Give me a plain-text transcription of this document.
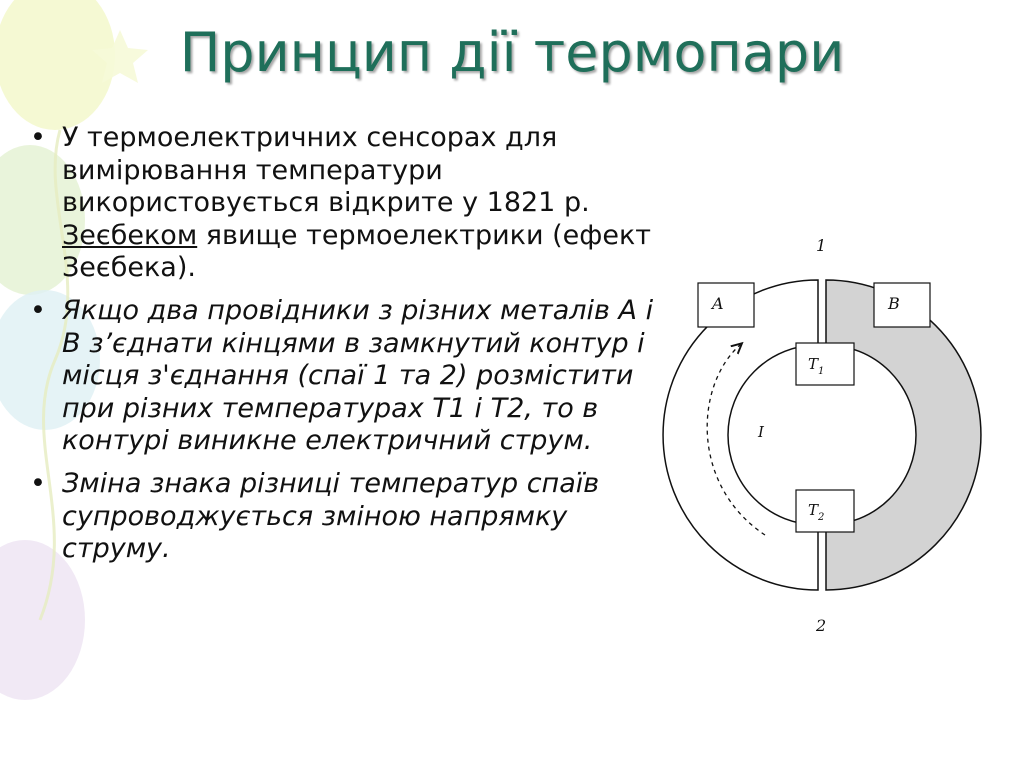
Принцип дії термопари
• У термоелектричних сенсорах для вимірювання температури використовується відкрите у 1821 р. Зеєбеком явище термоелектрики (ефект Зеєбека).
• Якщо два провідники з різних металів А і В з’єднати кінцями в замкнутий контур і місця з'єднання (спаї 1 та 2) розмістити при різних температурах Т1 і Т2, то в контурі виникне електричний струм.
• Зміна знака різниці температур спаїв супроводжується зміною напрямку струму.
1
2
A	B
$T_1$
$T_2$
I
